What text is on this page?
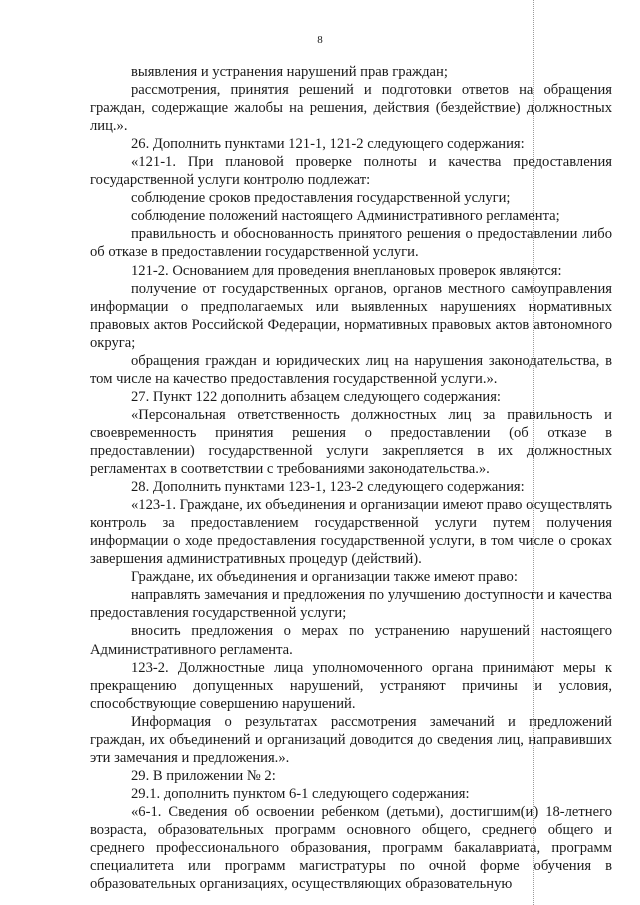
8

выявления и устранения нарушений прав граждан;

рассмотрения, принятия решений и подготовки ответов на обращения граждан, содержащие жалобы на решения, действия (бездействие) должностных лиц.».

26. Дополнить пунктами 121-1, 121-2 следующего содержания:

«121-1. При плановой проверке полноты и качества предоставления государственной услуги контролю подлежат:

соблюдение сроков предоставления государственной услуги;

соблюдение положений настоящего Административного регламента;

правильность и обоснованность принятого решения о предоставлении либо об отказе в предоставлении государственной услуги.

121-2. Основанием для проведения внеплановых проверок являются:

получение от государственных органов, органов местного самоуправления информации о предполагаемых или выявленных нарушениях нормативных правовых актов Российской Федерации, нормативных правовых актов автономного округа;

обращения граждан и юридических лиц на нарушения законодательства, в том числе на качество предоставления государственной услуги.».

27. Пункт 122 дополнить абзацем следующего содержания:

«Персональная ответственность должностных лиц за правильность и своевременность принятия решения о предоставлении (об отказе в предоставлении) государственной услуги закрепляется в их должностных регламентах в соответствии с требованиями законодательства.».

28. Дополнить пунктами 123-1, 123-2 следующего содержания:

«123-1. Граждане, их объединения и организации имеют право осуществлять контроль за предоставлением государственной услуги путем получения информации о ходе предоставления государственной услуги, в том числе о сроках завершения административных процедур (действий).

Граждане, их объединения и организации также имеют право:

направлять замечания и предложения по улучшению доступности и качества предоставления государственной услуги;

вносить предложения о мерах по устранению нарушений настоящего Административного регламента.

123-2. Должностные лица уполномоченного органа принимают меры к прекращению допущенных нарушений, устраняют причины и условия, способствующие совершению нарушений.

Информация о результатах рассмотрения замечаний и предложений граждан, их объединений и организаций доводится до сведения лиц, направивших эти замечания и предложения.».

29. В приложении № 2:

29.1. дополнить пунктом 6-1 следующего содержания:

«6-1. Сведения об освоении ребенком (детьми), достигшим(и) 18-летнего возраста, образовательных программ основного общего, среднего общего и среднего профессионального образования, программ бакалавриата, программ специалитета или программ магистратуры по очной форме обучения в образовательных организациях, осуществляющих образовательную
